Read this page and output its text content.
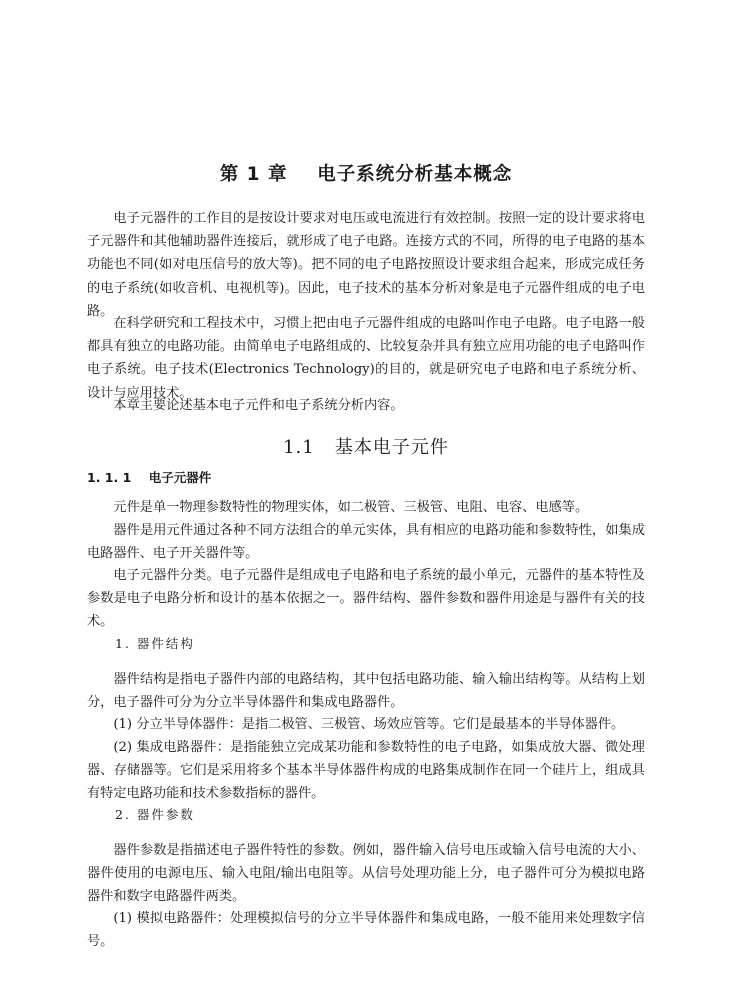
第 1 章    电子系统分析基本概念

电子元器件的工作目的是按设计要求对电压或电流进行有效控制。按照一定的设计要求将电子元器件和其他辅助器件连接后，就形成了电子电路。连接方式的不同，所得的电子电路的基本功能也不同(如对电压信号的放大等)。把不同的电子电路按照设计要求组合起来，形成完成任务的电子系统(如收音机、电视机等)。因此，电子技术的基本分析对象是电子元器件组成的电子电路。

在科学研究和工程技术中，习惯上把由电子元器件组成的电路叫作电子电路。电子电路一般都具有独立的电路功能。由简单电子电路组成的、比较复杂并具有独立应用功能的电子电路叫作电子系统。电子技术(Electronics Technology)的目的，就是研究电子电路和电子系统分析、设计与应用技术。

本章主要论述基本电子元件和电子系统分析内容。

1.1   基本电子元件
1. 1. 1    电子元器件

元件是单一物理参数特性的物理实体，如二极管、三极管、电阻、电容、电感等。

器件是用元件通过各种不同方法组合的单元实体，具有相应的电路功能和参数特性，如集成电路器件、电子开关器件等。

电子元器件分类。电子元器件是组成电子电路和电子系统的最小单元，元器件的基本特性及参数是电子电路分析和设计的基本依据之一。器件结构、器件参数和器件用途是与器件有关的技术。

1. 器件结构

器件结构是指电子器件内部的电路结构，其中包括电路功能、输入输出结构等。从结构上划分，电子器件可分为分立半导体器件和集成电路器件。

(1) 分立半导体器件：是指二极管、三极管、场效应管等。它们是最基本的半导体器件。

(2) 集成电路器件：是指能独立完成某功能和参数特性的电子电路，如集成放大器、微处理器、存储器等。它们是采用将多个基本半导体器件构成的电路集成制作在同一个硅片上，组成具有特定电路功能和技术参数指标的器件。

2. 器件参数

器件参数是指描述电子器件特性的参数。例如，器件输入信号电压或输入信号电流的大小、器件使用的电源电压、输入电阻/输出电阻等。从信号处理功能上分，电子器件可分为模拟电路器件和数字电路器件两类。

(1) 模拟电路器件：处理模拟信号的分立半导体器件和集成电路，一般不能用来处理数字信号。
